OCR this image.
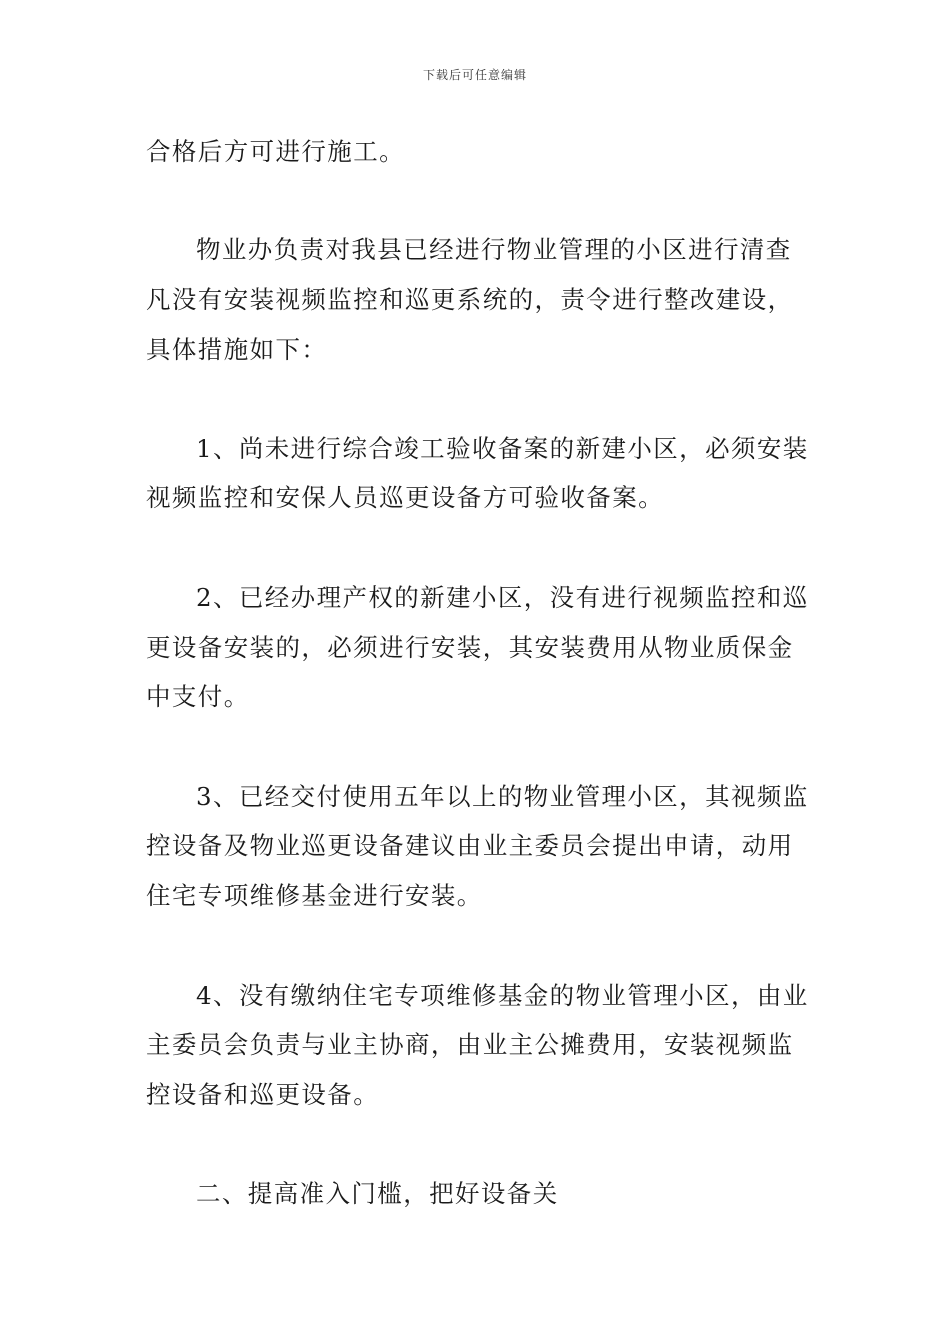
下载后可任意编辑
合格后方可进行施工。
物业办负责对我县已经进行物业管理的小区进行清查
凡没有安装视频监控和巡更系统的，责令进行整改建设，
具体措施如下：
1、尚未进行综合竣工验收备案的新建小区，必须安装
视频监控和安保人员巡更设备方可验收备案。
2、已经办理产权的新建小区，没有进行视频监控和巡
更设备安装的，必须进行安装，其安装费用从物业质保金
中支付。
3、已经交付使用五年以上的物业管理小区，其视频监
控设备及物业巡更设备建议由业主委员会提出申请，动用
住宅专项维修基金进行安装。
4、没有缴纳住宅专项维修基金的物业管理小区，由业
主委员会负责与业主协商，由业主公摊费用，安装视频监
控设备和巡更设备。
二、提高准入门槛，把好设备关
